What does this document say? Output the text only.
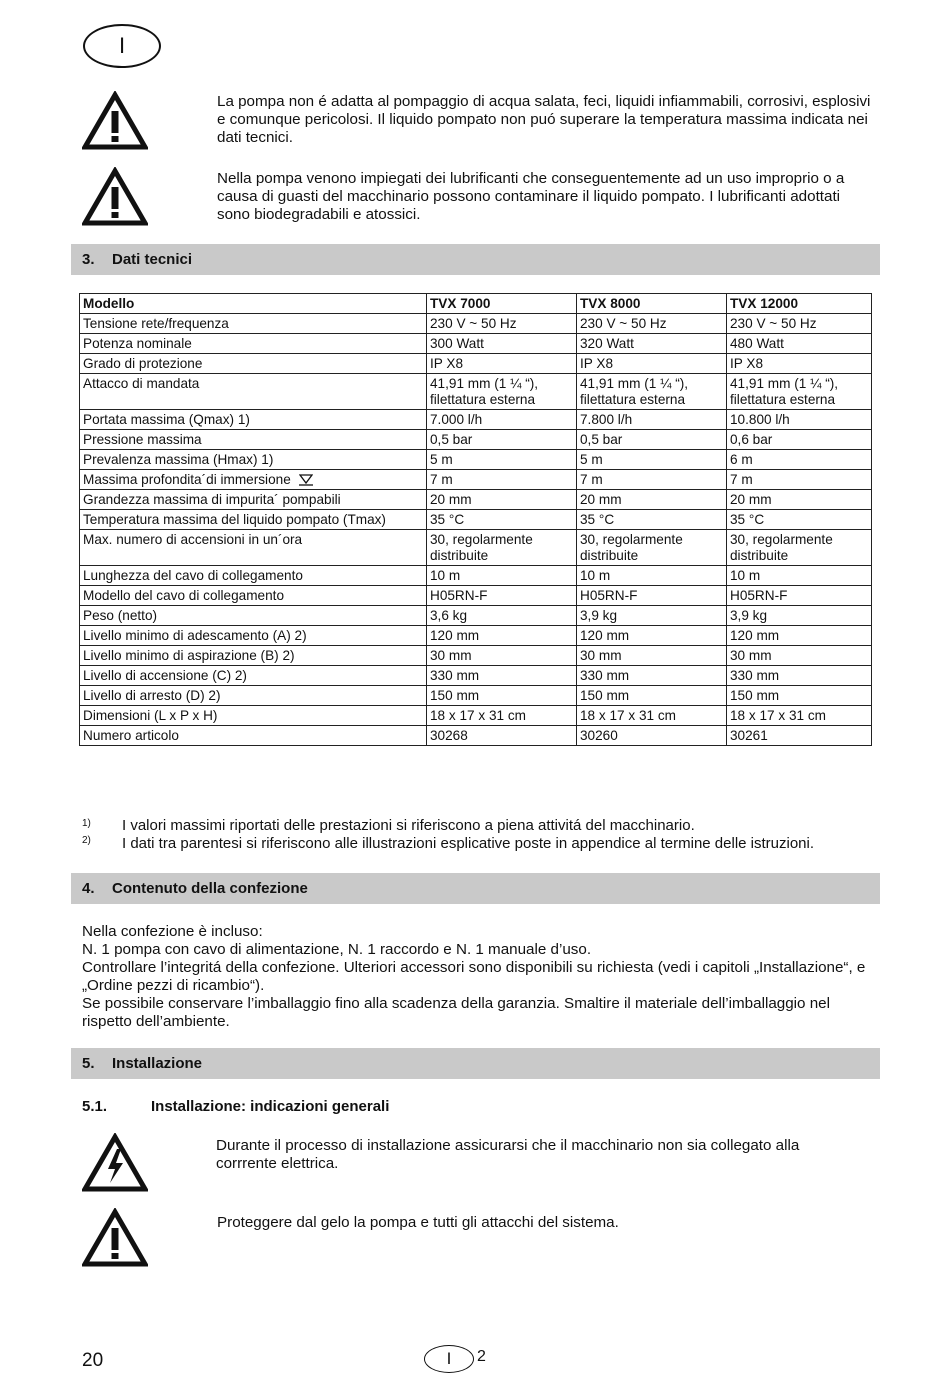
I

La pompa non é adatta al pompaggio di acqua salata, feci, liquidi infiammabili, corrosivi, esplosivi e comunque pericolosi. Il liquido pompato non puó superare la temperatura massima indicata nei dati tecnici.

Nella pompa venono impiegati dei lubrificanti che conseguentemente ad un uso improprio o a causa di guasti del macchinario possono contaminare il liquido pompato. I lubrificanti adottati sono biodegradabili e atossici.

3.	Dati tecnici
Modello	TVX 7000	TVX 8000	TVX 12000
Tensione rete/frequenza	230 V ~ 50 Hz	230 V ~ 50 Hz	230 V ~ 50 Hz
Potenza nominale	300 Watt	320 Watt	480 Watt
Grado di protezione	IP X8	IP X8	IP X8
Attacco di mandata	41,91 mm (1 ¼ “), filettatura esterna	41,91 mm (1 ¼ “), filettatura esterna	41,91 mm (1 ¼ “), filettatura esterna
Portata massima (Qmax) 1)	7.000 l/h	7.800 l/h	10.800 l/h
Pressione massima	0,5 bar	0,5 bar	0,6 bar
Prevalenza massima (Hmax) 1)	5 m	5 m	6 m
Massima profondita´di immersione	7 m	7 m	7 m
Grandezza massima di impurita´ pompabili	20 mm	20 mm	20 mm
Temperatura massima del liquido pompato (Tmax)	35 °C	35 °C	35 °C
Max. numero di accensioni in un´ora	30, regolarmente distribuite	30, regolarmente distribuite	30, regolarmente distribuite
Lunghezza del cavo di collegamento	10 m	10 m	10 m
Modello del cavo di collegamento	H05RN-F	H05RN-F	H05RN-F
Peso (netto)	3,6 kg	3,9 kg	3,9 kg
Livello minimo di adescamento (A) 2)	120 mm	120 mm	120 mm
Livello minimo di aspirazione (B) 2)	30 mm	30 mm	30 mm
Livello di accensione (C) 2)	330 mm	330 mm	330 mm
Livello di arresto (D) 2)	150 mm	150 mm	150 mm
Dimensioni (L x P x H)	18 x 17 x 31 cm	18 x 17 x 31 cm	18 x 17 x 31 cm
Numero articolo	30268	30260	30261
1) I valori massimi riportati delle prestazioni si riferiscono a piena attivitá del macchinario.
2) I dati tra parentesi si riferiscono alle illustrazioni esplicative poste in appendice al termine delle istruzioni.
4.	Contenuto della confezione

Nella confezione è incluso:

N. 1 pompa con cavo di alimentazione, N. 1 raccordo e N. 1 manuale d’uso.

Controllare l’integritá della confezione. Ulteriori accessori sono disponibili su richiesta (vedi i capitoli „Installazione“, e „Ordine pezzi di ricambio“).

Se possibile conservare l’imballaggio fino alla scadenza della garanzia. Smaltire il materiale dell’imballaggio nel rispetto dell’ambiente.

5.	Installazione
5.1.	Installazione: indicazioni generali

Durante il processo di installazione assicurarsi che il macchinario non sia collegato alla corrrente elettrica.

Proteggere dal gelo la pompa e tutti gli attacchi del sistema.

20	I 2
